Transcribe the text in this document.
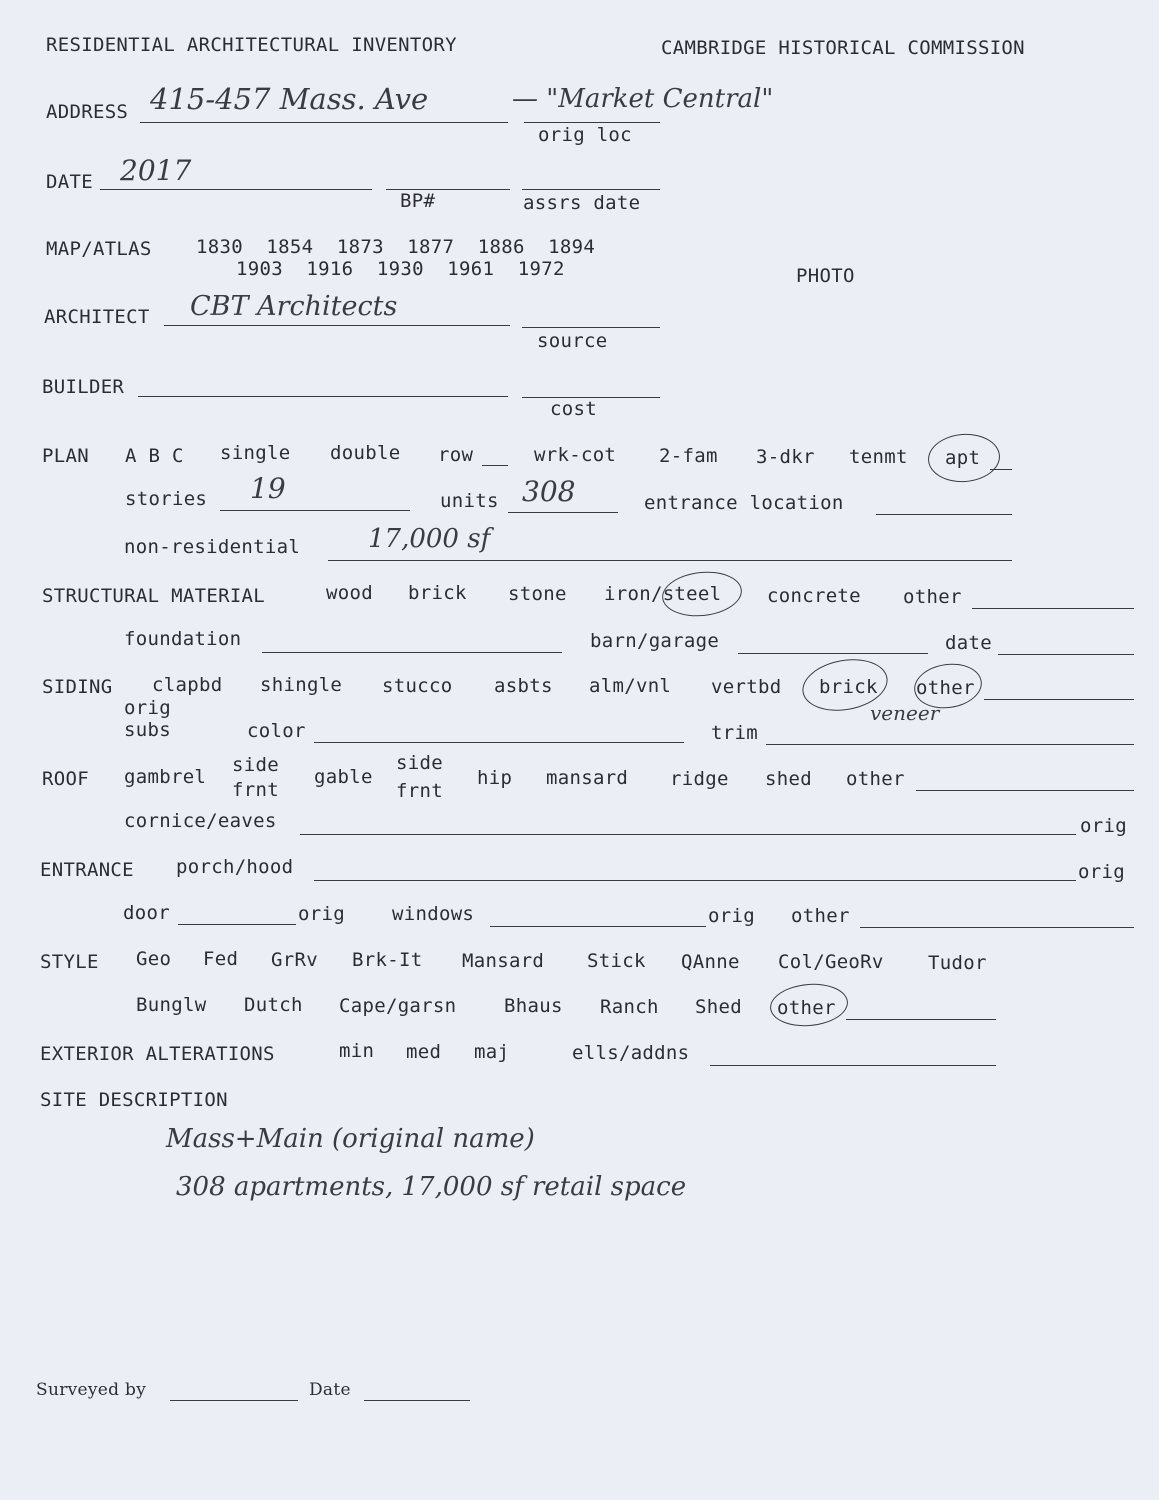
RESIDENTIAL ARCHITECTURAL INVENTORY	CAMBRIDGE HISTORICAL COMMISSION
ADDRESS 415-457 Mass. Ave	— "Market Central"
orig loc
DATE 2017
BP#	assrs date
MAP/ATLAS 1830  1854  1873  1877  1886  1894
1903  1916  1930  1961  1972	PHOTO
ARCHITECT CBT Architects
source
BUILDER
cost
PLAN A B C single double row	wrk-cot 2-fam 3-dkr tenmt apt
stories 19	units 308	entrance location
non-residential	17,000 sf
STRUCTURAL MATERIAL	wood brick stone iron/steel concrete other
foundation	barn/garage	date
SIDING clapbd shingle stucco asbts alm/vnl vertbd brick other
veneer
orig
subs	color	trim
ROOF gambrel
side
frnt
gable
side
frnt
hip mansard ridge shed other
cornice/eaves	orig
ENTRANCE porch/hood	orig
door	orig windows	orig other
STYLE Geo Fed GrRv Brk-It Mansard Stick QAnne Col/GeoRv Tudor
Bunglw Dutch Cape/garsn	Bhaus Ranch Shed other
EXTERIOR ALTERATIONS	min med maj	ells/addns
SITE DESCRIPTION
Mass+Main (original name)
308 apartments, 17,000 sf retail space
Surveyed by	Date
